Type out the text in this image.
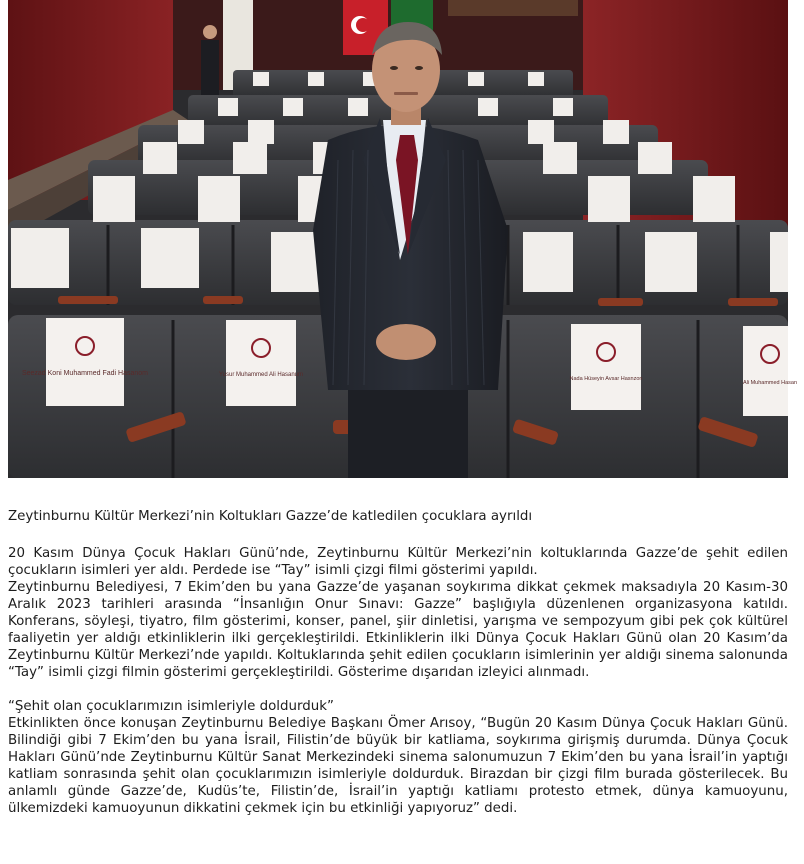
Seezad Koni Muhammed Fadi Hasanom	Yusur Muhammed Ali Hasanum
Nada Hüseyin Avsar Hasnzon
Ali Muhammed Hasan

Zeytinburnu Kültür Merkezi’nin Koltukları Gazze’de katledilen çocuklara ayrıldı

20 Kasım Dünya Çocuk Hakları Günü’nde, Zeytinburnu Kültür Merkezi’nin koltuklarında Gazze’de şehit edilen çocukların isimleri yer aldı. Perdede ise “Tay” isimli çizgi filmi gösterimi yapıldı.

Zeytinburnu Belediyesi, 7 Ekim’den bu yana Gazze’de yaşanan soykırıma dikkat çekmek maksadıyla 20 Kasım-30 Aralık 2023 tarihleri arasında “İnsanlığın Onur Sınavı: Gazze” başlığıyla düzenlenen organizasyona katıldı. Konferans, söyleşi, tiyatro, film gösterimi, konser, panel, şiir dinletisi, yarışma ve sempozyum gibi pek çok kültürel faaliyetin yer aldığı etkinliklerin ilki gerçekleştirildi. Etkinliklerin ilki Dünya Çocuk Hakları Günü olan 20 Kasım’da Zeytinburnu Kültür Merkezi’nde yapıldı. Koltuklarında şehit edilen çocukların isimlerinin yer aldığı sinema salonunda “Tay” isimli çizgi filmin gösterimi gerçekleştirildi. Gösterime dışarıdan izleyici alınmadı.

“Şehit olan çocuklarımızın isimleriyle doldurduk”

Etkinlikten önce konuşan Zeytinburnu Belediye Başkanı Ömer Arısoy, “Bugün 20 Kasım Dünya Çocuk Hakları Günü. Bilindiği gibi 7 Ekim’den bu yana İsrail, Filistin’de büyük bir katliama, soykırıma girişmiş durumda. Dünya Çocuk Hakları Günü’nde Zeytinburnu Kültür Sanat Merkezindeki sinema salonumuzun 7 Ekim’den bu yana İsrail’in yaptığı katliam sonrasında şehit olan çocuklarımızın isimleriyle doldurduk. Birazdan bir çizgi film burada gösterilecek. Bu anlamlı günde Gazze’de, Kudüs’te, Filistin’de, İsrail’in yaptığı katliamı protesto etmek, dünya kamuoyunu, ülkemizdeki kamuoyunun dikkatini çekmek için bu etkinliği yapıyoruz” dedi.
